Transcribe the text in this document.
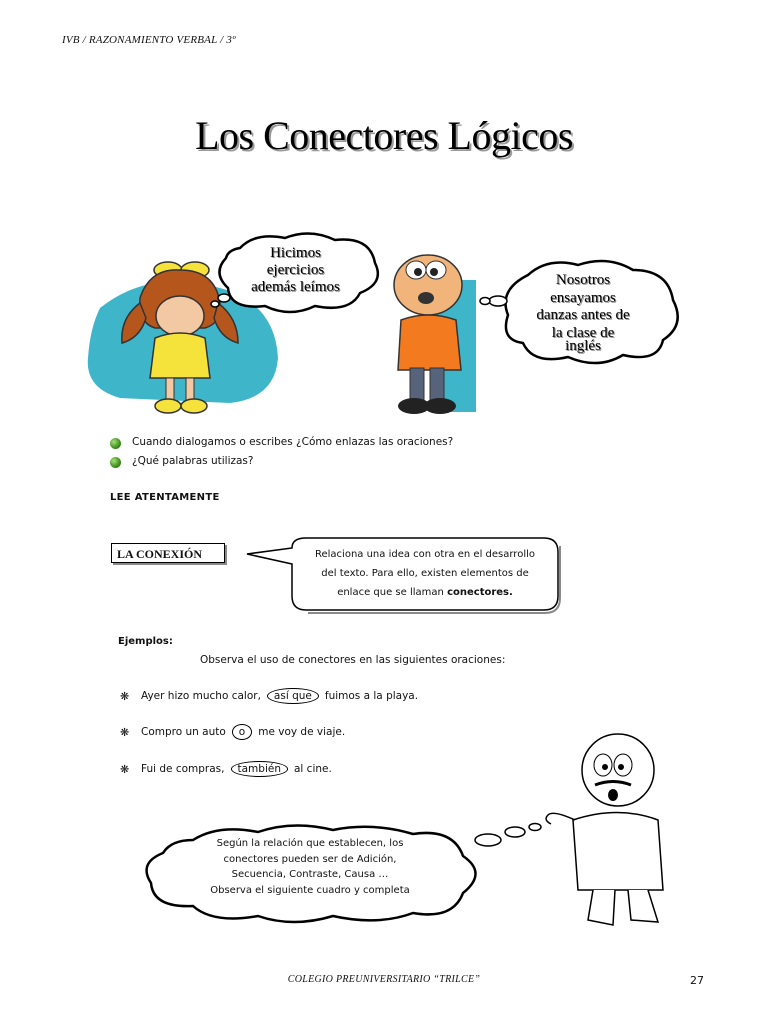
IVB / RAZONAMIENTO VERBAL / 3º
Los Conectores Lógicos
Hicimos
ejercicios
además leímos	Nosotros
ensayamos
danzas antes de
la clase de
inglés
Cuando dialogamos o escribes ¿Cómo enlazas las oraciones?
¿Qué palabras utilizas?
LEE ATENTAMENTE
LA CONEXIÓN	Relaciona una idea con otra en el desarrollo
del texto. Para ello, existen elementos de
enlace que se llaman conectores.
Ejemplos:
Observa el uso de conectores en las siguientes oraciones:
❋ Ayer hizo mucho calor,	así que	fuimos a la playa.
❋ Compro un auto	o	me voy de viaje.
❋ Fui de compras,	también	al cine.
Según la relación que establecen, los
conectores pueden ser de Adición,
Secuencia, Contraste, Causa …
Observa el siguiente cuadro y completa
COLEGIO PREUNIVERSITARIO “TRILCE”	27
